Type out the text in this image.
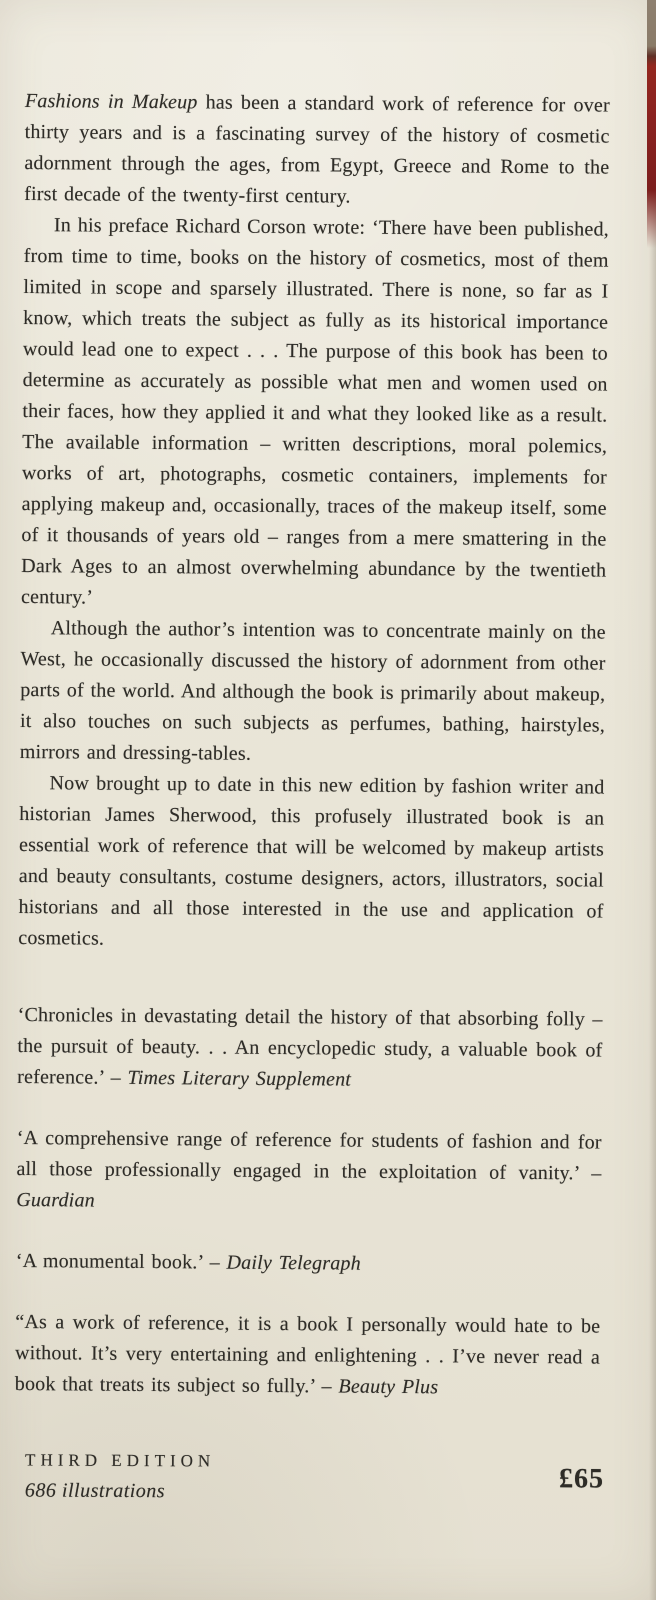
Fashions in Makeup has been a standard work of reference for over thirty years and is a fascinating survey of the history of cosmetic adornment through the ages, from Egypt, Greece and Rome to the first decade of the twenty-first century.

In his preface Richard Corson wrote: ‘There have been published, from time to time, books on the history of cosmetics, most of them limited in scope and sparsely illustrated. There is none, so far as I know, which treats the subject as fully as its historical importance would lead one to expect . . . The purpose of this book has been to determine as accurately as possible what men and women used on their faces, how they applied it and what they looked like as a result. The available information – written descriptions, moral polemics, works of art, photographs, cosmetic containers, implements for applying makeup and, occasionally, traces of the makeup itself, some of it thousands of years old – ranges from a mere smattering in the Dark Ages to an almost overwhelming abundance by the twentieth century.’

Although the author’s intention was to concentrate mainly on the West, he occasionally discussed the history of adornment from other parts of the world. And although the book is primarily about makeup, it also touches on such subjects as perfumes, bathing, hairstyles, mirrors and dressing-tables.

Now brought up to date in this new edition by fashion writer and historian James Sherwood, this profusely illustrated book is an essential work of reference that will be welcomed by makeup artists and beauty consultants, costume designers, actors, illustrators, social historians and all those interested in the use and application of cosmetics.

‘Chronicles in devastating detail the history of that absorbing folly – the pursuit of beauty. . . An encyclopedic study, a valuable book of reference.’ – Times Literary Supplement

‘A comprehensive range of reference for students of fashion and for all those professionally engaged in the exploitation of vanity.’ – Guardian

‘A monumental book.’ – Daily Telegraph

“As a work of reference, it is a book I personally would hate to be without. It’s very entertaining and enlightening . . I’ve never read a book that treats its subject so fully.’ – Beauty Plus

THIRD EDITION
686 illustrations	£65
